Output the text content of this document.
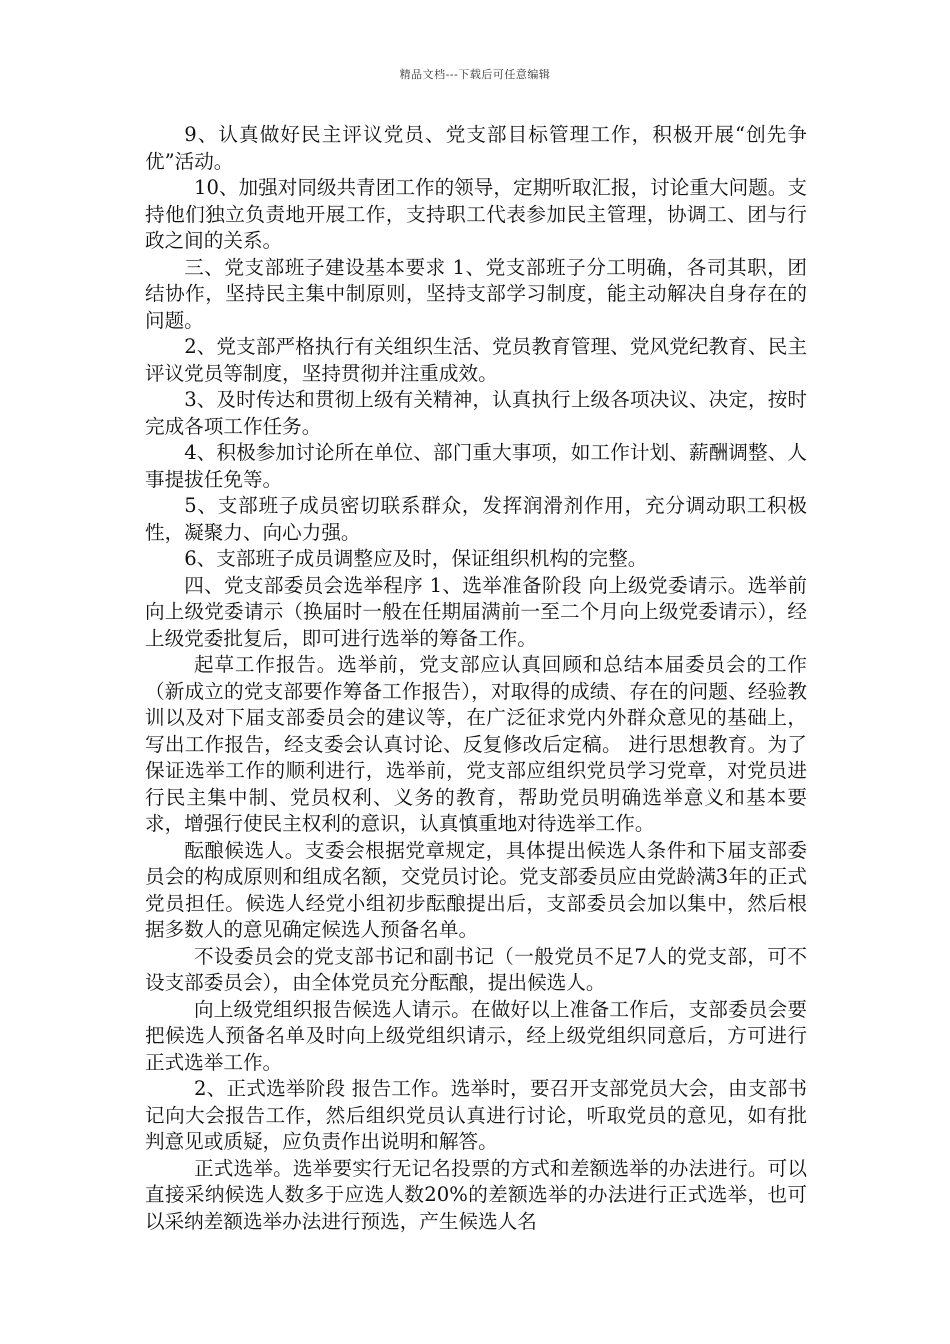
精品文档---下载后可任意编辑

9、认真做好民主评议党员、党支部目标管理工作，积极开展“创先争优”活动。

10、加强对同级共青团工作的领导，定期听取汇报，讨论重大问题。支持他们独立负责地开展工作，支持职工代表参加民主管理，协调工、团与行政之间的关系。

三、党支部班子建设基本要求 1、党支部班子分工明确，各司其职，团结协作，坚持民主集中制原则，坚持支部学习制度，能主动解决自身存在的问题。

2、党支部严格执行有关组织生活、党员教育管理、党风党纪教育、民主评议党员等制度，坚持贯彻并注重成效。

3、及时传达和贯彻上级有关精神，认真执行上级各项决议、决定，按时完成各项工作任务。

4、积极参加讨论所在单位、部门重大事项，如工作计划、薪酬调整、人事提拔任免等。

5、支部班子成员密切联系群众，发挥润滑剂作用，充分调动职工积极性，凝聚力、向心力强。

6、支部班子成员调整应及时，保证组织机构的完整。

四、党支部委员会选举程序 1、选举准备阶段 向上级党委请示。选举前向上级党委请示（换届时一般在任期届满前一至二个月向上级党委请示），经上级党委批复后，即可进行选举的筹备工作。

起草工作报告。选举前，党支部应认真回顾和总结本届委员会的工作（新成立的党支部要作筹备工作报告），对取得的成绩、存在的问题、经验教训以及对下届支部委员会的建议等，在广泛征求党内外群众意见的基础上，写出工作报告，经支委会认真讨论、反复修改后定稿。 进行思想教育。为了保证选举工作的顺利进行，选举前，党支部应组织党员学习党章，对党员进行民主集中制、党员权利、义务的教育，帮助党员明确选举意义和基本要求，增强行使民主权利的意识，认真慎重地对待选举工作。

酝酿候选人。支委会根据党章规定，具体提出候选人条件和下届支部委员会的构成原则和组成名额，交党员讨论。党支部委员应由党龄满3年的正式党员担任。候选人经党小组初步酝酿提出后，支部委员会加以集中，然后根据多数人的意见确定候选人预备名单。

不设委员会的党支部书记和副书记（一般党员不足7人的党支部，可不设支部委员会），由全体党员充分酝酿，提出候选人。

向上级党组织报告候选人请示。在做好以上准备工作后，支部委员会要把候选人预备名单及时向上级党组织请示，经上级党组织同意后，方可进行正式选举工作。

2、正式选举阶段 报告工作。选举时，要召开支部党员大会，由支部书记向大会报告工作，然后组织党员认真进行讨论，听取党员的意见，如有批判意见或质疑，应负责作出说明和解答。

正式选举。选举要实行无记名投票的方式和差额选举的办法进行。可以直接采纳候选人数多于应选人数20%的差额选举的办法进行正式选举，也可以采纳差额选举办法进行预选，产生候选人名
